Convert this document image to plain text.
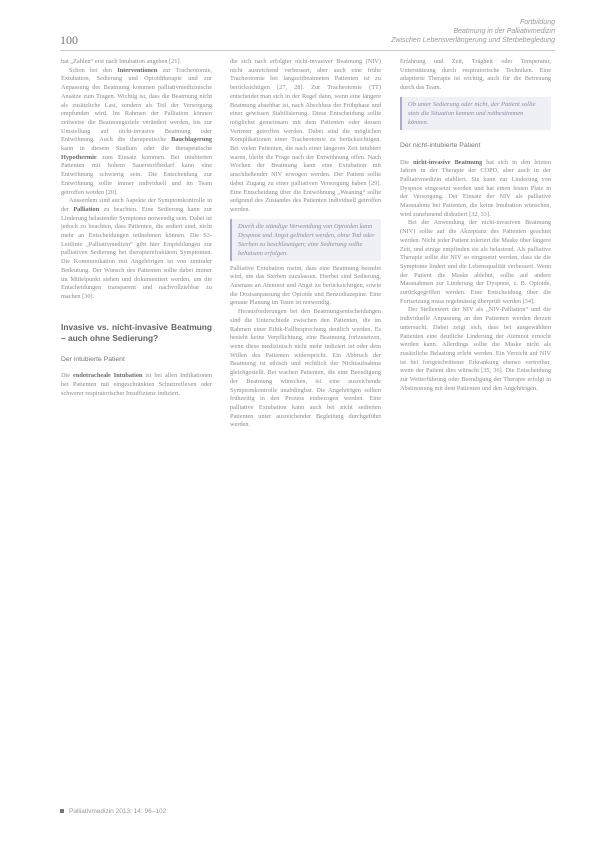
100
Fortbildung
Beatmung in der Palliativmedizin
Zwischen Lebensverlängerung und Sterbebegleitung

hat „Zahlen“ erst nach Intubation angeben [21].

Schon bei den Interventionen zur Tracheotomie, Extubation, Sedierung und Opioidtherapie und zur Anpassung der Beatmung kommen palliativmedizinische Ansätze zum Tragen. Wichtig ist, dass die Beatmung nicht als zusätzliche Last, sondern als Teil der Versorgung empfunden wird. Im Rahmen der Palliation können zeitweise die Beatmungsziele verändert werden, bis zur Umstellung auf nicht-invasive Beatmung oder Entwöhnung. Auch die therapeutische Bauchlagerung kann in diesem Stadium oder die therapeutische Hypothermie zum Einsatz kommen. Bei intubierten Patienten mit hohem Sauerstoffbedarf kann eine Entwöhnung schwierig sein. Die Entscheidung zur Entwöhnung sollte immer individuell und im Team getroffen werden [20].

Ausserdem sind auch Aspekte der Symptomkontrolle in der Palliation zu beachten. Eine Sedierung kann zur Linderung belastender Symptome notwendig sein. Dabei ist jedoch zu beachten, dass Patienten, die sediert sind, nicht mehr an Entscheidungen teilnehmen können. Die S3-Leitlinie „Palliativmedizin“ gibt hier Empfehlungen zur palliativen Sedierung bei therapierefraktären Symptomen. Die Kommunikation mit Angehörigen ist von zentraler Bedeutung. Der Wunsch des Patienten sollte dabei immer im Mittelpunkt stehen und dokumentiert werden, um die Entscheidungen transparent und nachvollziehbar zu machen [30].

Invasive vs. nicht-invasive Beatmung – auch ohne Sedierung?
Der intubierte Patient

Die endotracheale Intubation ist bei allen Indikationen bei Patienten mit eingeschränkten Schutzreflexen oder schwerer respiratorischer Insuffizienz indiziert.

die sich nach erfolgter nicht-invasiver Beatmung (NIV) nicht ausreichend verbessert, aber auch eine frühe Tracheotomie bei langzeitbeatmeten Patienten ist zu berücksichtigen [27, 28]. Zur Tracheotomie (TT) entscheidet man sich in der Regel dann, wenn eine längere Beatmung absehbar ist, nach Abschluss der Frühphase und einer gewissen Stabilisierung. Diese Entscheidung sollte möglichst gemeinsam mit dem Patienten oder dessen Vertreter getroffen werden. Dabei sind die möglichen Komplikationen einer Tracheotomie zu berücksichtigen. Bei vielen Patienten, die nach einer längeren Zeit intubiert waren, bleibt die Frage nach der Entwöhnung offen. Nach Wochen der Beatmung kann eine Extubation mit anschließender NIV erwogen werden. Der Patient sollte dabei Zugang zu einer palliativen Versorgung haben [29]. Eine Entscheidung über die Entwöhnung „Weaning“ sollte aufgrund des Zustandes des Patienten individuell getroffen werden.

Durch die ständige Verwendung von Opioiden kann Dyspnoe und Angst gelindert werden, ohne Tod oder Sterben zu beschleunigen; eine Sedierung sollte behutsam erfolgen.

Palliative Extubation meint, dass eine Beatmung beendet wird, um das Sterben zuzulassen. Hierbei sind Sedierung, Ausmass an Atemnot und Angst zu berücksichtigen, sowie die Dosisanpassung der Opioide und Benzodiazepine. Eine genaue Planung im Team ist notwendig.

Herausforderungen bei den Beatmungsentscheidungen sind die Unterschiede zwischen den Patienten, die im Rahmen einer Ethik-Fallbesprechung deutlich werden. Es besteht keine Verpflichtung, eine Beatmung fortzusetzen, wenn diese medizinisch nicht mehr indiziert ist oder dem Willen des Patienten widerspricht. Ein Abbruch der Beatmung ist ethisch und rechtlich der Nichtaufnahme gleichgestellt. Bei wachen Patienten, die eine Beendigung der Beatmung wünschen, ist eine ausreichende Symptomkontrolle unabdingbar. Die Angehörigen sollten frühzeitig in den Prozess einbezogen werden. Eine palliative Extubation kann auch bei nicht sedierten Patienten unter ausreichender Begleitung durchgeführt werden.

Erfahrung und Zeit, Trägheit oder Temperatur, Unterstützung durch respiratorische Techniken. Eine adaptierte Therapie ist wichtig, auch für die Betreuung durch das Team.

Ob unter Sedierung oder nicht, der Patient sollte stets die Situation kennen und mitbestimmen können.
Der nicht-intubierte Patient

Die nicht-invasive Beatmung hat sich in den letzten Jahren in der Therapie der COPD, aber auch in der Palliativmedizin etabliert. Sie kann zur Linderung von Dyspnoe eingesetzt werden und hat einen festen Platz in der Versorgung. Der Einsatz der NIV als palliative Massnahme bei Patienten, die keine Intubation wünschen, wird zunehmend diskutiert [32, 33].

Bei der Anwendung der nicht-invasiven Beatmung (NIV) sollte auf die Akzeptanz des Patienten geachtet werden. Nicht jeder Patient toleriert die Maske über längere Zeit, und einige empfinden sie als belastend. Als palliative Therapie sollte die NIV so eingesetzt werden, dass sie die Symptome lindert und die Lebensqualität verbessert. Wenn der Patient die Maske ablehnt, sollte auf andere Massnahmen zur Linderung der Dyspnoe, z. B. Opioide, zurückgegriffen werden. Eine Entscheidung über die Fortsetzung muss regelmässig überprüft werden [34].

Der Stellenwert der NIV als „NIV-Palliation“ und die individuelle Anpassung an den Patienten werden derzeit untersucht. Dabei zeigt sich, dass bei ausgewählten Patienten eine deutliche Linderung der Atemnot erreicht werden kann. Allerdings sollte die Maske nicht als zusätzliche Belastung erlebt werden. Ein Verzicht auf NIV ist bei fortgeschrittener Erkrankung ebenso vertretbar, wenn der Patient dies wünscht [35, 36]. Die Entscheidung zur Weiterführung oder Beendigung der Therapie erfolgt in Abstimmung mit dem Patienten und den Angehörigen.

Palliativmedizin 2013; 14: 96–102
